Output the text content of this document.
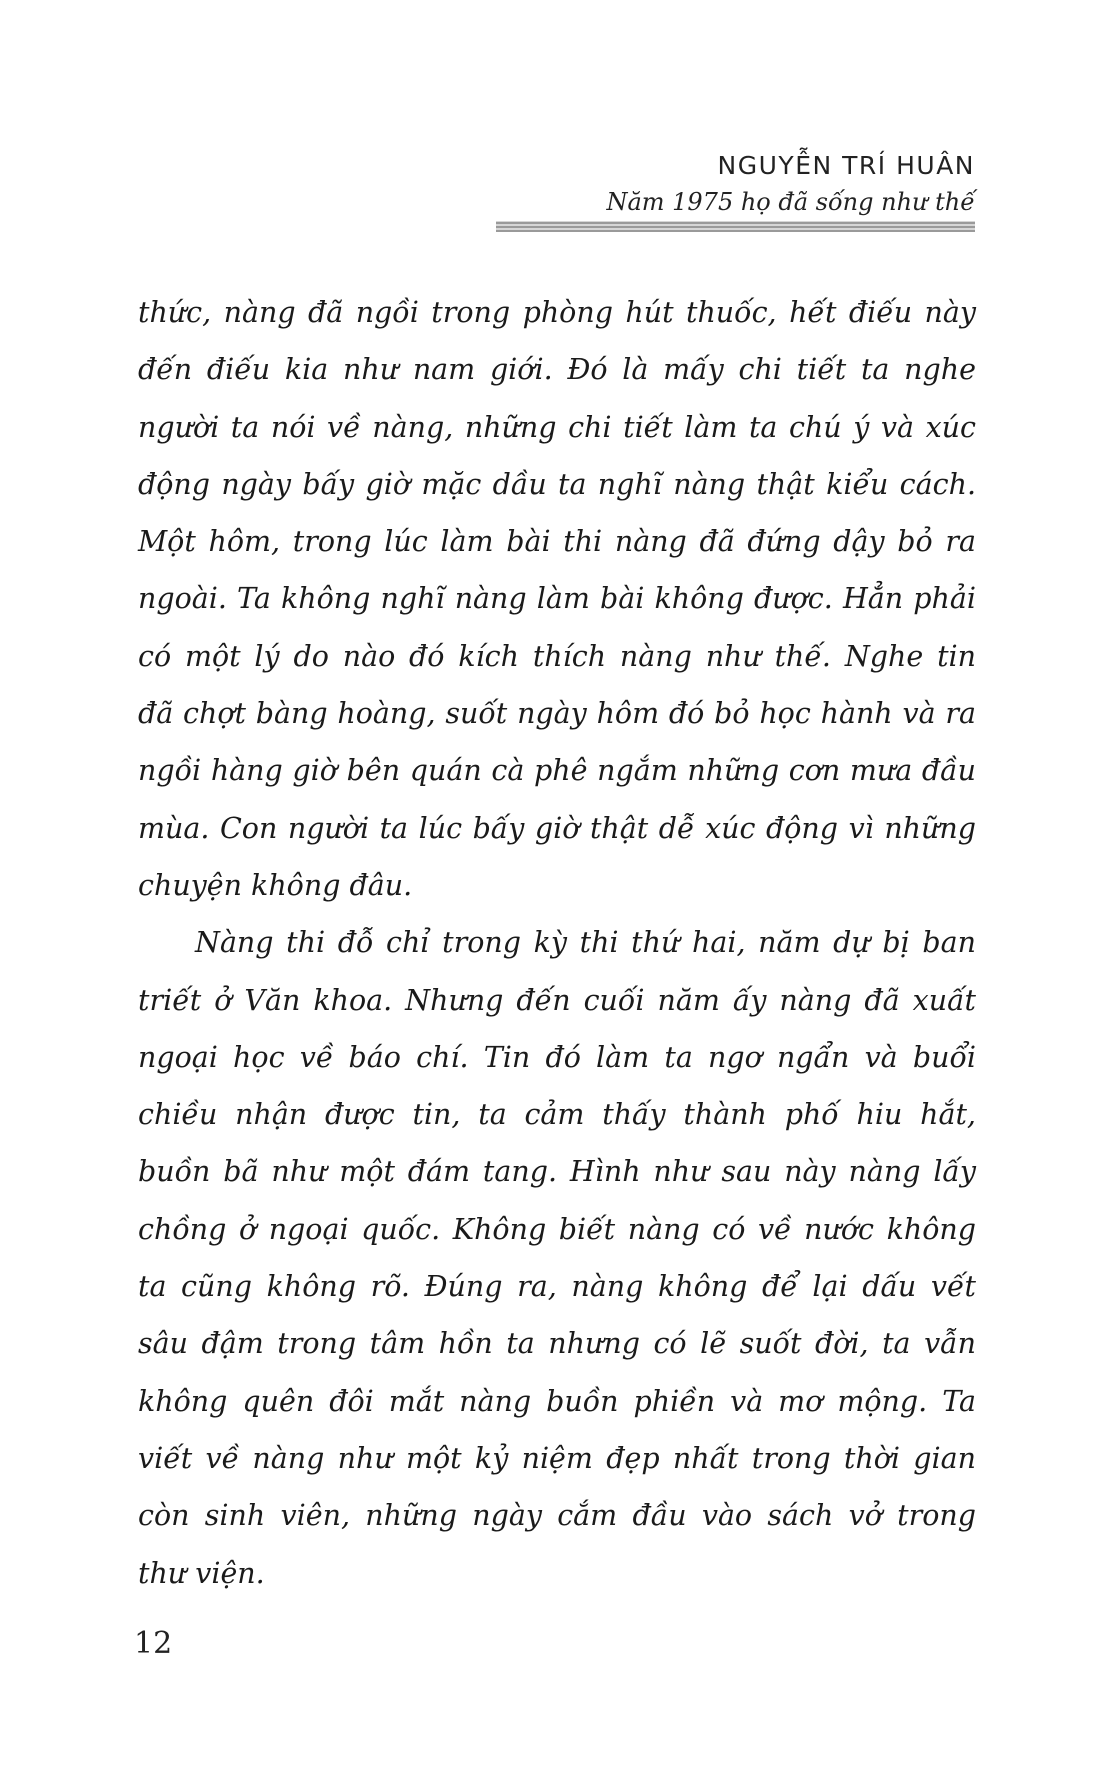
NGUYỄN TRÍ HUÂN
Năm 1975 họ đã sống như thế
thức, nàng đã ngồi trong phòng hút thuốc, hết điếu này
đến điếu kia như nam giới. Đó là mấy chi tiết ta nghe
người ta nói về nàng, những chi tiết làm ta chú ý và xúc
động ngày bấy giờ mặc dầu ta nghĩ nàng thật kiểu cách.
Một hôm, trong lúc làm bài thi nàng đã đứng dậy bỏ ra
ngoài. Ta không nghĩ nàng làm bài không được. Hẳn phải
có một lý do nào đó kích thích nàng như thế. Nghe tin
đã chợt bàng hoàng, suốt ngày hôm đó bỏ học hành và ra
ngồi hàng giờ bên quán cà phê ngắm những cơn mưa đầu
mùa. Con người ta lúc bấy giờ thật dễ xúc động vì những
chuyện không đâu.
Nàng thi đỗ chỉ trong kỳ thi thứ hai, năm dự bị ban
triết ở Văn khoa. Nhưng đến cuối năm ấy nàng đã xuất
ngoại học về báo chí. Tin đó làm ta ngơ ngẩn và buổi
chiều nhận được tin, ta cảm thấy thành phố hiu hắt,
buồn bã như một đám tang. Hình như sau này nàng lấy
chồng ở ngoại quốc. Không biết nàng có về nước không
ta cũng không rõ. Đúng ra, nàng không để lại dấu vết
sâu đậm trong tâm hồn ta nhưng có lẽ suốt đời, ta vẫn
không quên đôi mắt nàng buồn phiền và mơ mộng. Ta
viết về nàng như một kỷ niệm đẹp nhất trong thời gian
còn sinh viên, những ngày cắm đầu vào sách vở trong
thư viện.
12
